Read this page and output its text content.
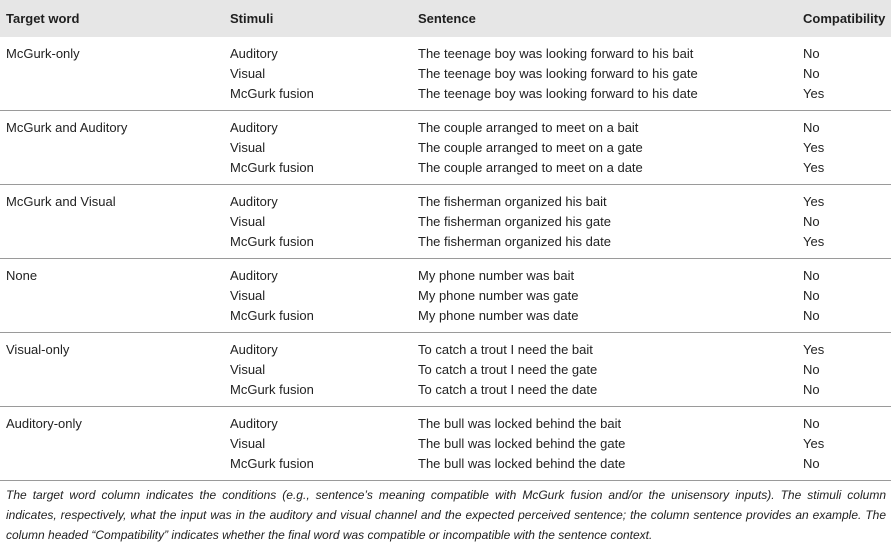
Target word	Stimuli	Sentence	Compatibility
McGurk-only	Auditory	The teenage boy was looking forward to his bait	No
	Visual	The teenage boy was looking forward to his gate	No
	McGurk fusion	The teenage boy was looking forward to his date	Yes
McGurk and Auditory	Auditory	The couple arranged to meet on a bait	No
	Visual	The couple arranged to meet on a gate	Yes
	McGurk fusion	The couple arranged to meet on a date	Yes
McGurk and Visual	Auditory	The fisherman organized his bait	Yes
	Visual	The fisherman organized his gate	No
	McGurk fusion	The fisherman organized his date	Yes
None	Auditory	My phone number was bait	No
	Visual	My phone number was gate	No
	McGurk fusion	My phone number was date	No
Visual-only	Auditory	To catch a trout I need the bait	Yes
	Visual	To catch a trout I need the gate	No
	McGurk fusion	To catch a trout I need the date	No
Auditory-only	Auditory	The bull was locked behind the bait	No
	Visual	The bull was locked behind the gate	Yes
	McGurk fusion	The bull was locked behind the date	No

The target word column indicates the conditions (e.g., sentence’s meaning compatible with McGurk fusion and/or the unisensory inputs). The stimuli column indicates, respectively, what the input was in the auditory and visual channel and the expected perceived sentence; the column sentence provides an example. The column headed “Compatibility” indicates whether the final word was compatible or incompatible with the sentence context.
